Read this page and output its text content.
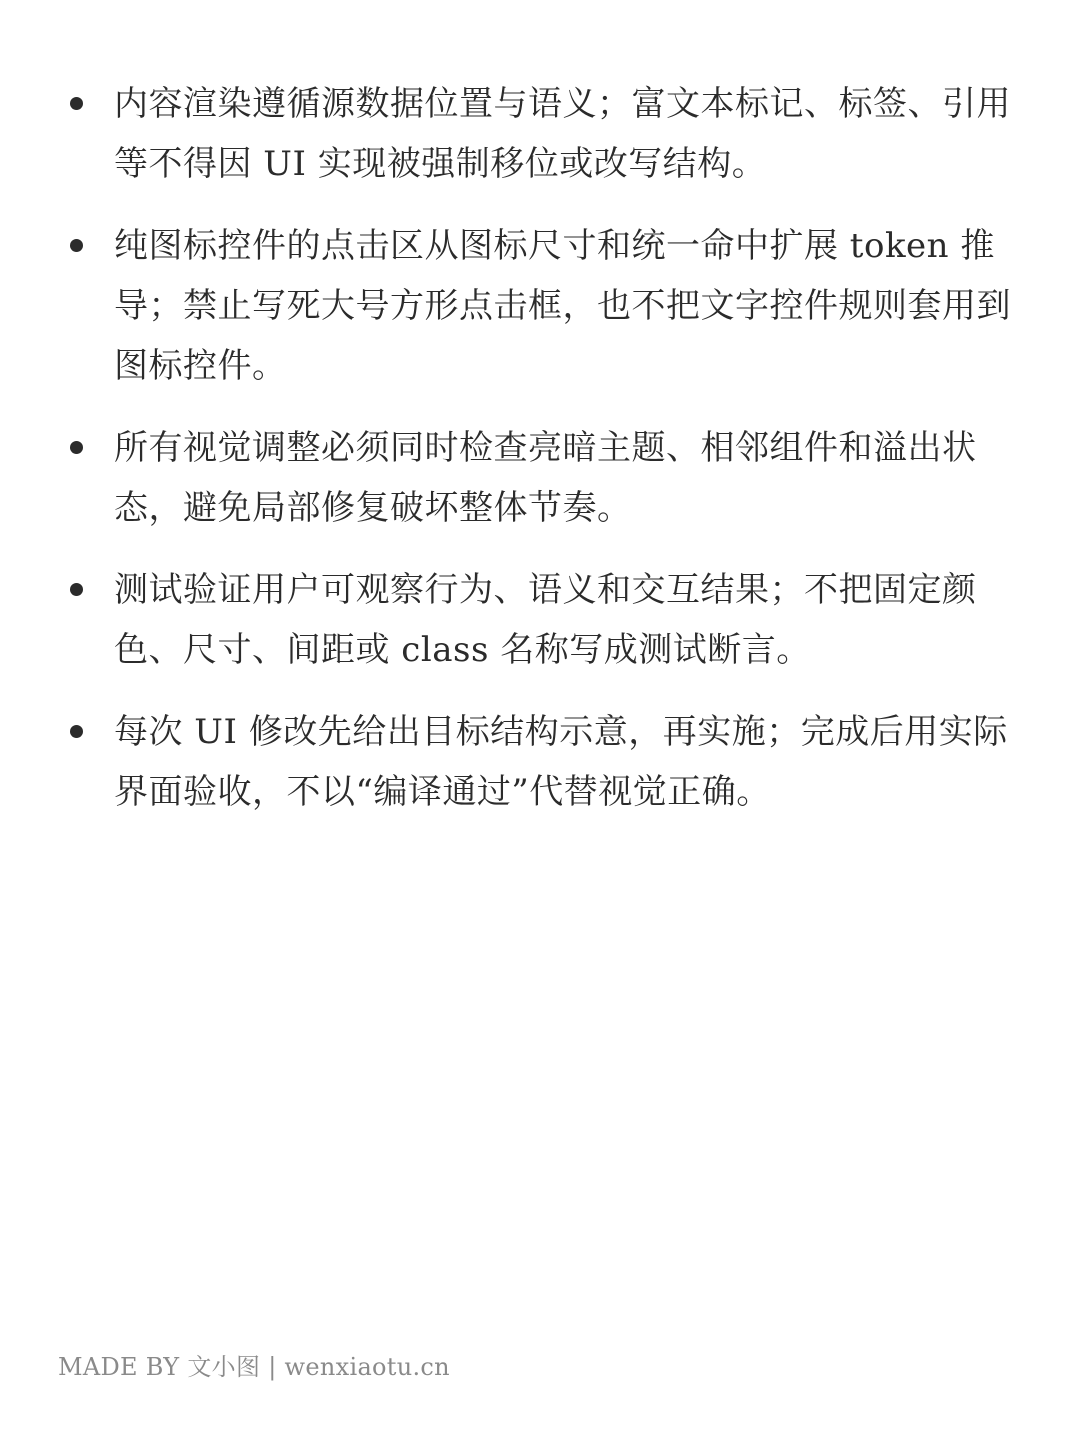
内容渲染遵循源数据位置与语义；富文本标记、标签、引用等不得因 UI 实现被强制移位或改写结构。
纯图标控件的点击区从图标尺寸和统一命中扩展 token 推导；禁止写死大号方形点击框，也不把文字控件规则套用到图标控件。
所有视觉调整必须同时检查亮暗主题、相邻组件和溢出状态，避免局部修复破坏整体节奏。
测试验证用户可观察行为、语义和交互结果；不把固定颜色、尺寸、间距或 class 名称写成测试断言。
每次 UI 修改先给出目标结构示意，再实施；完成后用实际界面验收，不以“编译通过”代替视觉正确。
MADE BY 文小图 | wenxiaotu.cn
